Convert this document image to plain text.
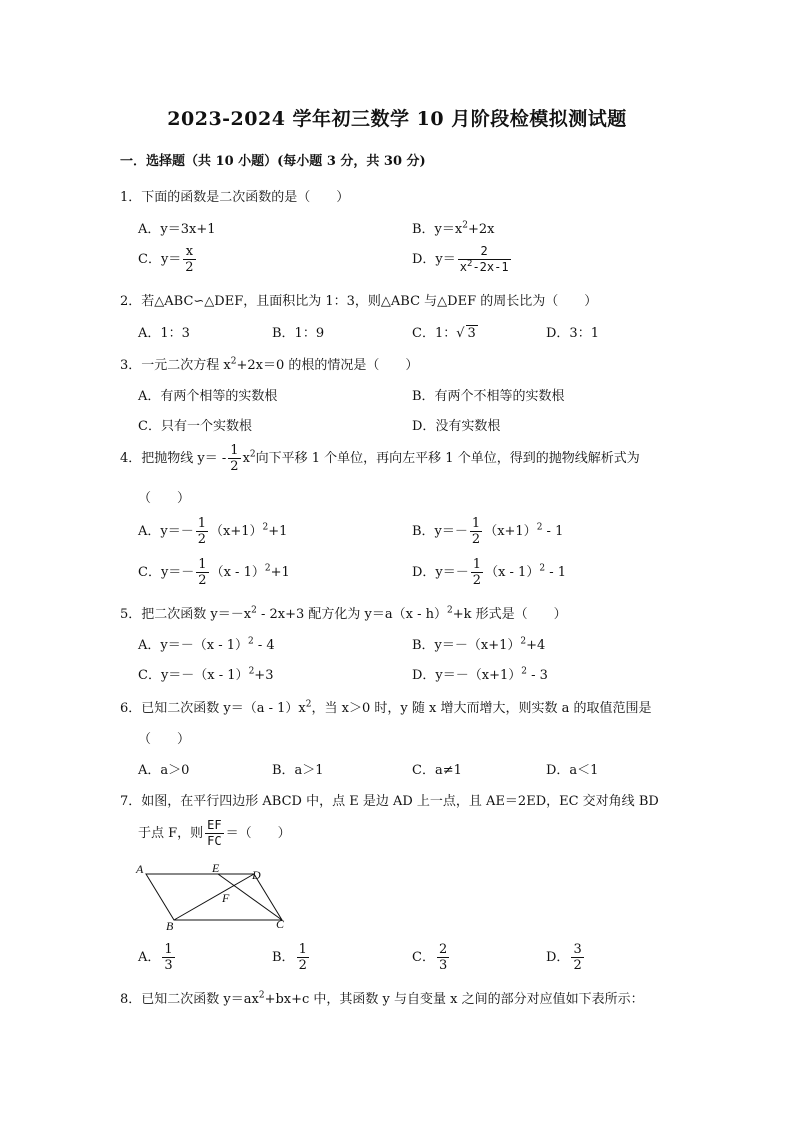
2023-2024 学年初三数学 10 月阶段检模拟测试题
一．选择题（共 10 小题）(每小题 3 分，共 30 分)
1．下面的函数是二次函数的是（　　）
A．y＝3x+1	B．$y=x^2+2x$
C．$y= \frac{x}{2}$	D．$y= \frac{2}{x^2-2x-1}$
2．若△ABC∽△DEF，且面积比为 1：3，则△ABC 与△DEF 的周长比为（　　）
A．1：3	B．1：9	C．1：√ 3	D．3：1
3．一元二次方程 $x^2+2x=0$ 的根的情况是（　　）
A．有两个相等的实数根	B．有两个不相等的实数根
C．只有一个实数根	D．没有实数根
4．把抛物线 $y= - \frac{1}{2} x^2$向下平移 1 个单位，再向左平移 1 个单位，得到的抛物线解析式为
（　　）
A．$y=- \frac{1}{2} (x+1)^2+1$	B．$y=- \frac{1}{2} (x+1)^2 - 1$
C．$y=- \frac{1}{2} (x - 1)^2+1$	D．$y=- \frac{1}{2} (x - 1)^2 - 1$
5．把二次函数 $y=-x^2 - 2x+3$ 配方化为 y＝a（x - h）$^2$+k 形式是（　　）
A．y＝－（x - 1）$^2$ - 4	B．$y=-(x+1)^2+4$
C．y＝－（x - 1）$^2$+3	D．$y=-(x+1)^2 - 3$
6．已知二次函数 $y=(a - 1)x^2$，当 x＞0 时，y 随 x 增大而增大，则实数 a 的取值范围是
（　　）
A．a＞0	B．a＞1	C．a≠1	D．a＜1
7．如图，在平行四边形 ABCD 中，点 E 是边 AD 上一点，且 AE＝2ED，EC 交对角线 BD
于点 F，则 $\frac{EF}{FC}$ ＝（　　）
A	E	D
F
B	C
A． $\frac{1}{3}$	B． $\frac{1}{2}$	C． $\frac{2}{3}$	D． $\frac{3}{2}$
8．已知二次函数 $y=ax^2+bx+c$ 中，其函数 y 与自变量 x 之间的部分对应值如下表所示：
